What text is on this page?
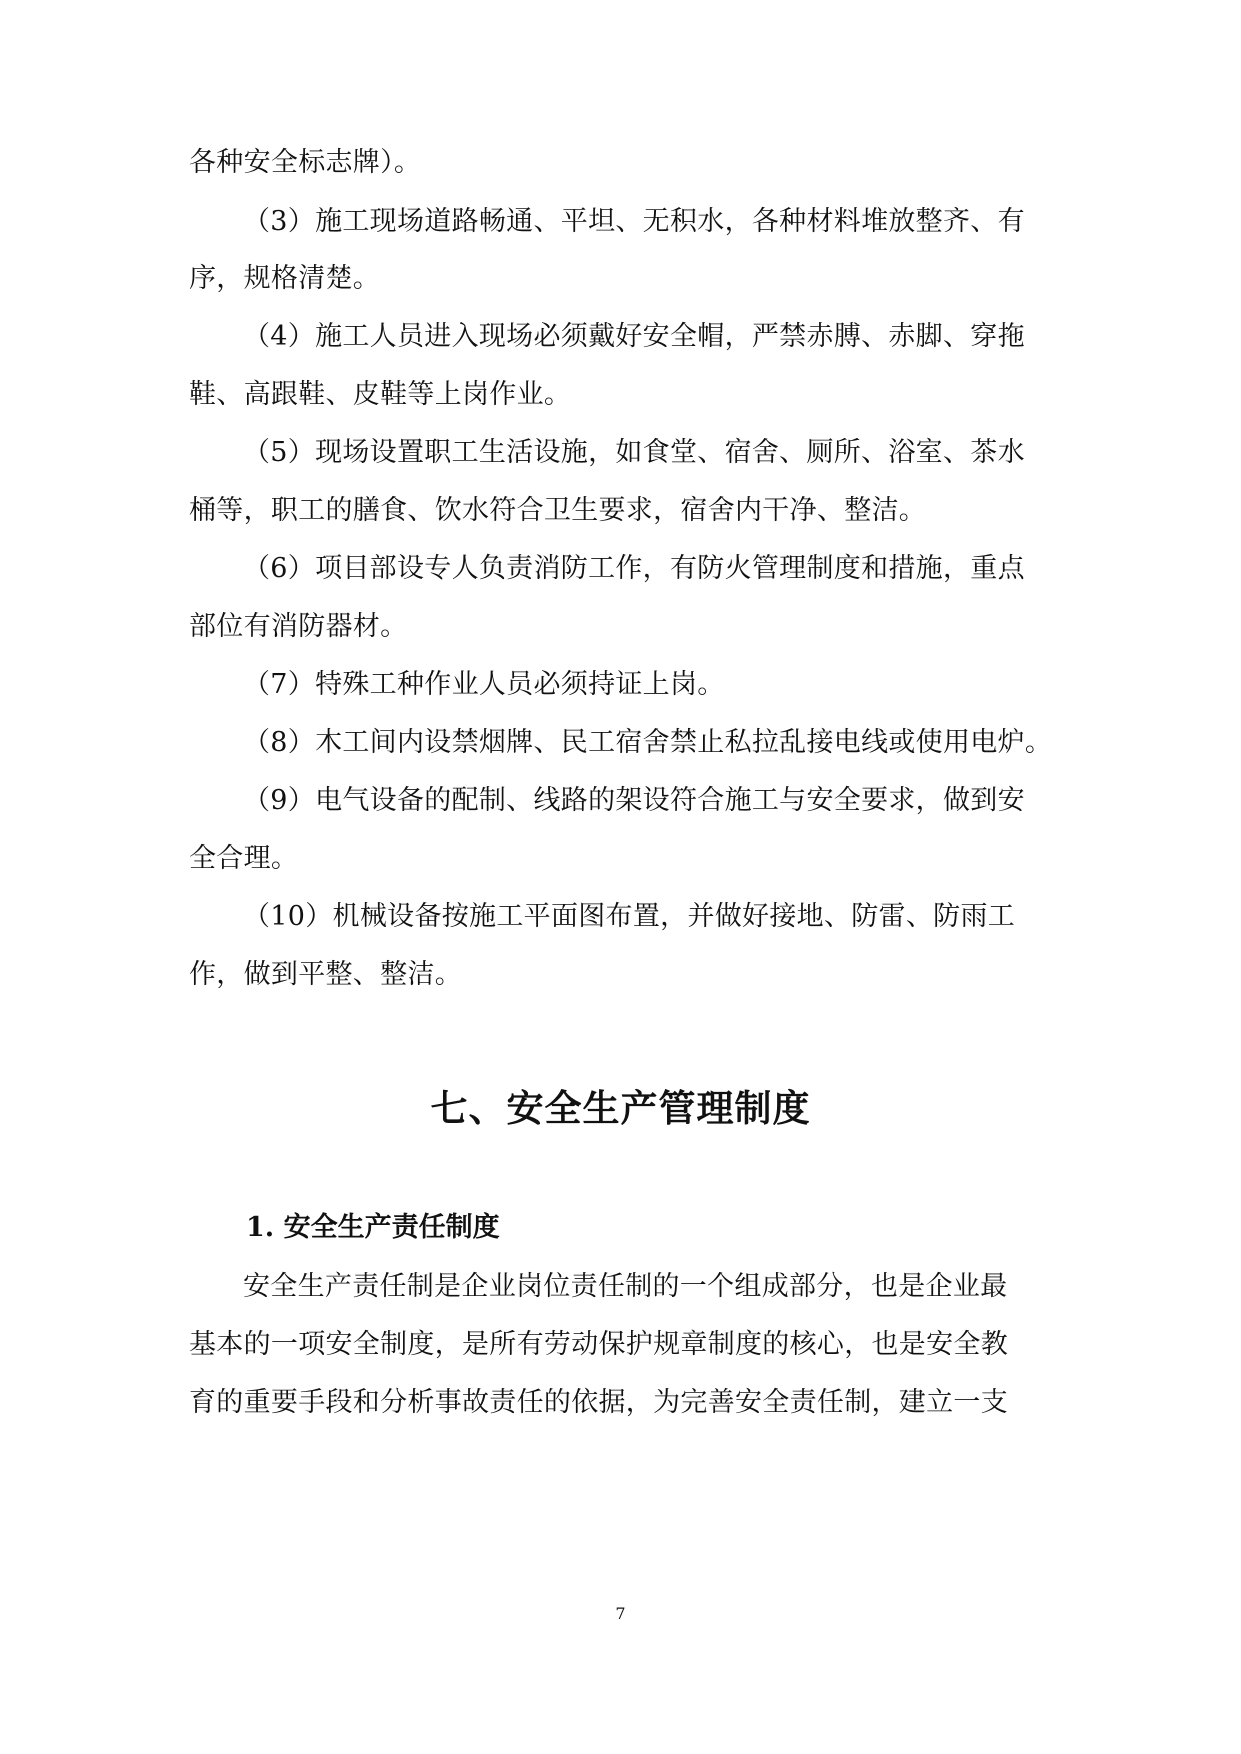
各种安全标志牌）。
（3）施工现场道路畅通、平坦、无积水，各种材料堆放整齐、有
序，规格清楚。
（4）施工人员进入现场必须戴好安全帽，严禁赤膊、赤脚、穿拖
鞋、高跟鞋、皮鞋等上岗作业。
（5）现场设置职工生活设施，如食堂、宿舍、厕所、浴室、茶水
桶等，职工的膳食、饮水符合卫生要求，宿舍内干净、整洁。
（6）项目部设专人负责消防工作，有防火管理制度和措施，重点
部位有消防器材。
（7）特殊工种作业人员必须持证上岗。
（8）木工间内设禁烟牌、民工宿舍禁止私拉乱接电线或使用电炉。
（9）电气设备的配制、线路的架设符合施工与安全要求，做到安
全合理。
（10）机械设备按施工平面图布置，并做好接地、防雷、防雨工
作，做到平整、整洁。
七、安全生产管理制度
1. 安全生产责任制度
安全生产责任制是企业岗位责任制的一个组成部分，也是企业最
基本的一项安全制度，是所有劳动保护规章制度的核心，也是安全教
育的重要手段和分析事故责任的依据，为完善安全责任制，建立一支
7
